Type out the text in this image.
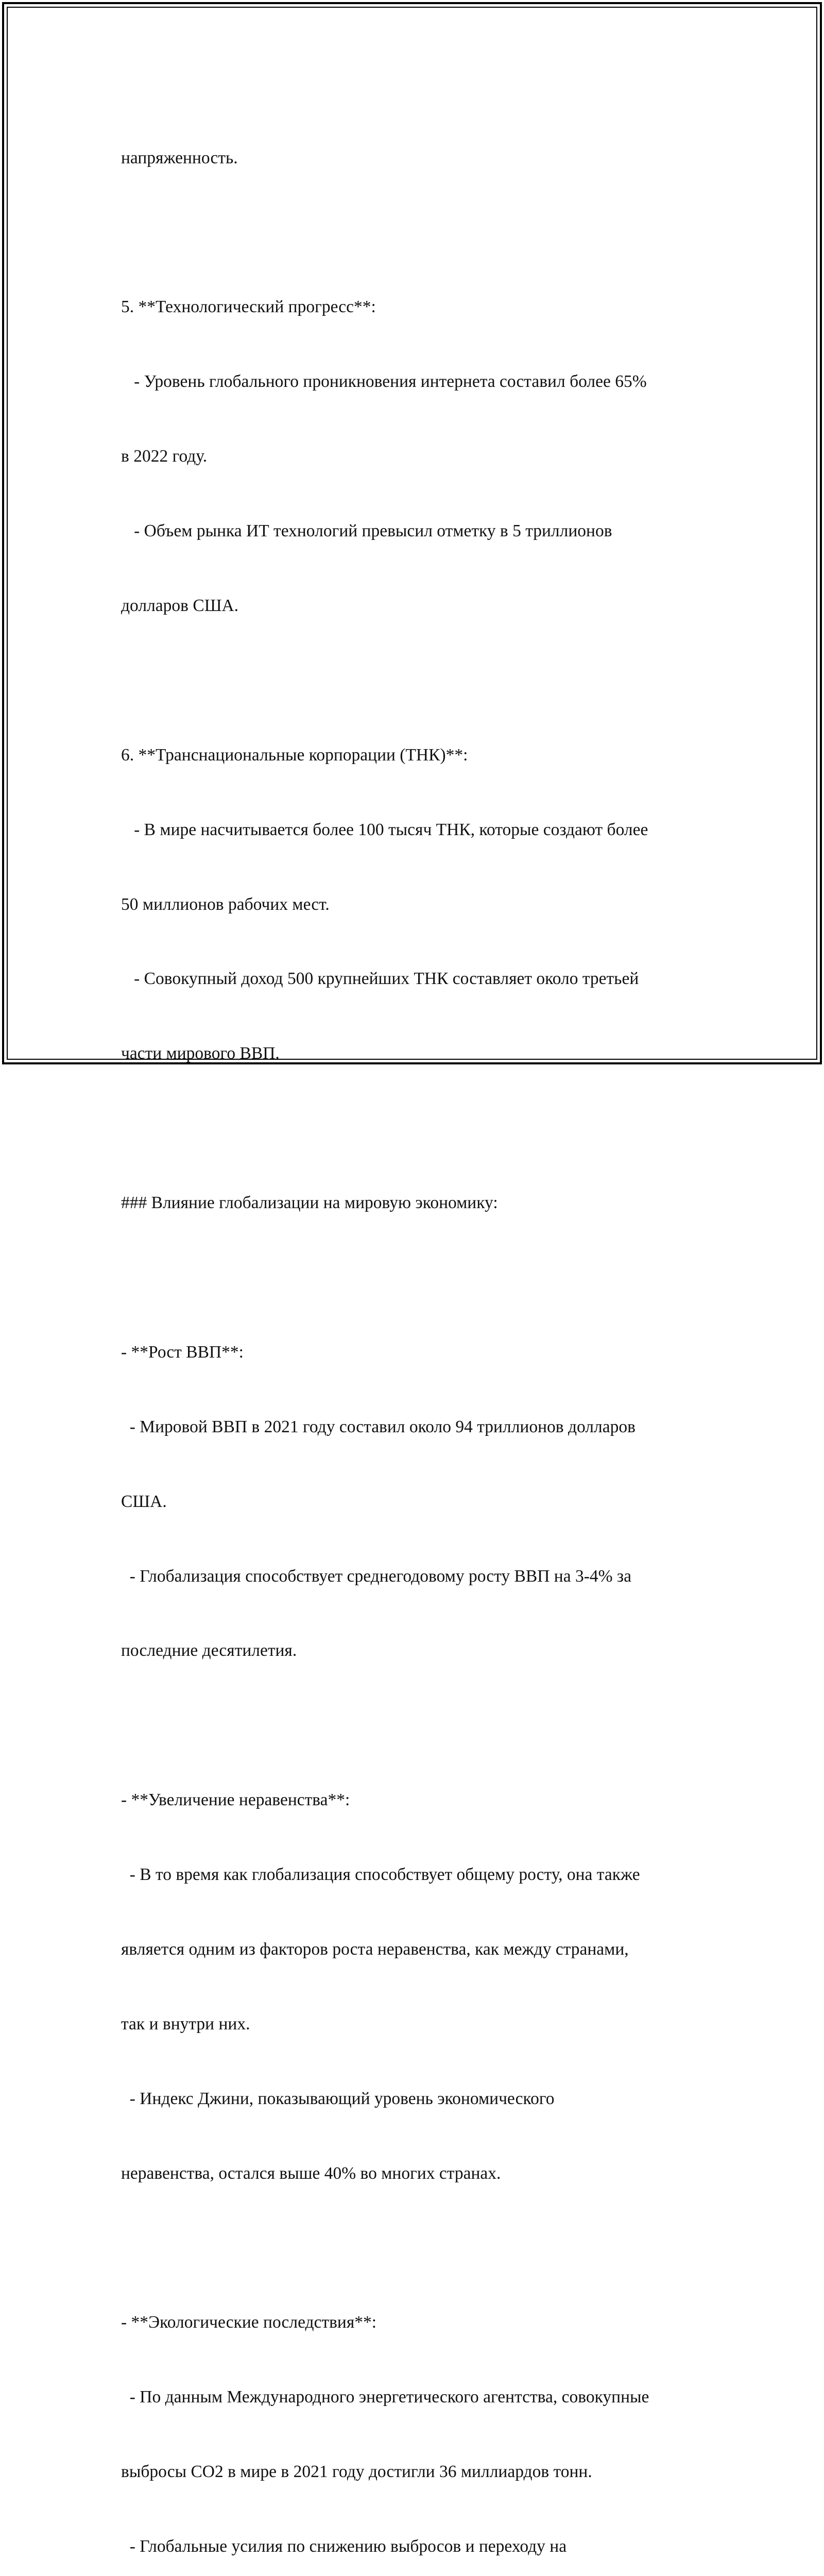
напряженность.

5. **Технологический прогресс**:

- Уровень глобального проникновения интернета составил более 65%

в 2022 году.

- Объем рынка ИТ технологий превысил отметку в 5 триллионов

долларов США.

6. **Транснациональные корпорации (ТНК)**:

- В мире насчитывается более 100 тысяч ТНК, которые создают более

50 миллионов рабочих мест.

- Совокупный доход 500 крупнейших ТНК составляет около третьей

части мирового ВВП.

### Влияние глобализации на мировую экономику:

- **Рост ВВП**:

- Мировой ВВП в 2021 году составил около 94 триллионов долларов

США.

- Глобализация способствует среднегодовому росту ВВП на 3-4% за

последние десятилетия.

- **Увеличение неравенства**:

- В то время как глобализация способствует общему росту, она также

является одним из факторов роста неравенства, как между странами,

так и внутри них.

- Индекс Джини, показывающий уровень экономического

неравенства, остался выше 40% во многих странах.

- **Экологические последствия**:

- По данным Международного энергетического агентства, совокупные

выбросы CO2 в мире в 2021 году достигли 36 миллиардов тонн.

- Глобальные усилия по снижению выбросов и переходу на
